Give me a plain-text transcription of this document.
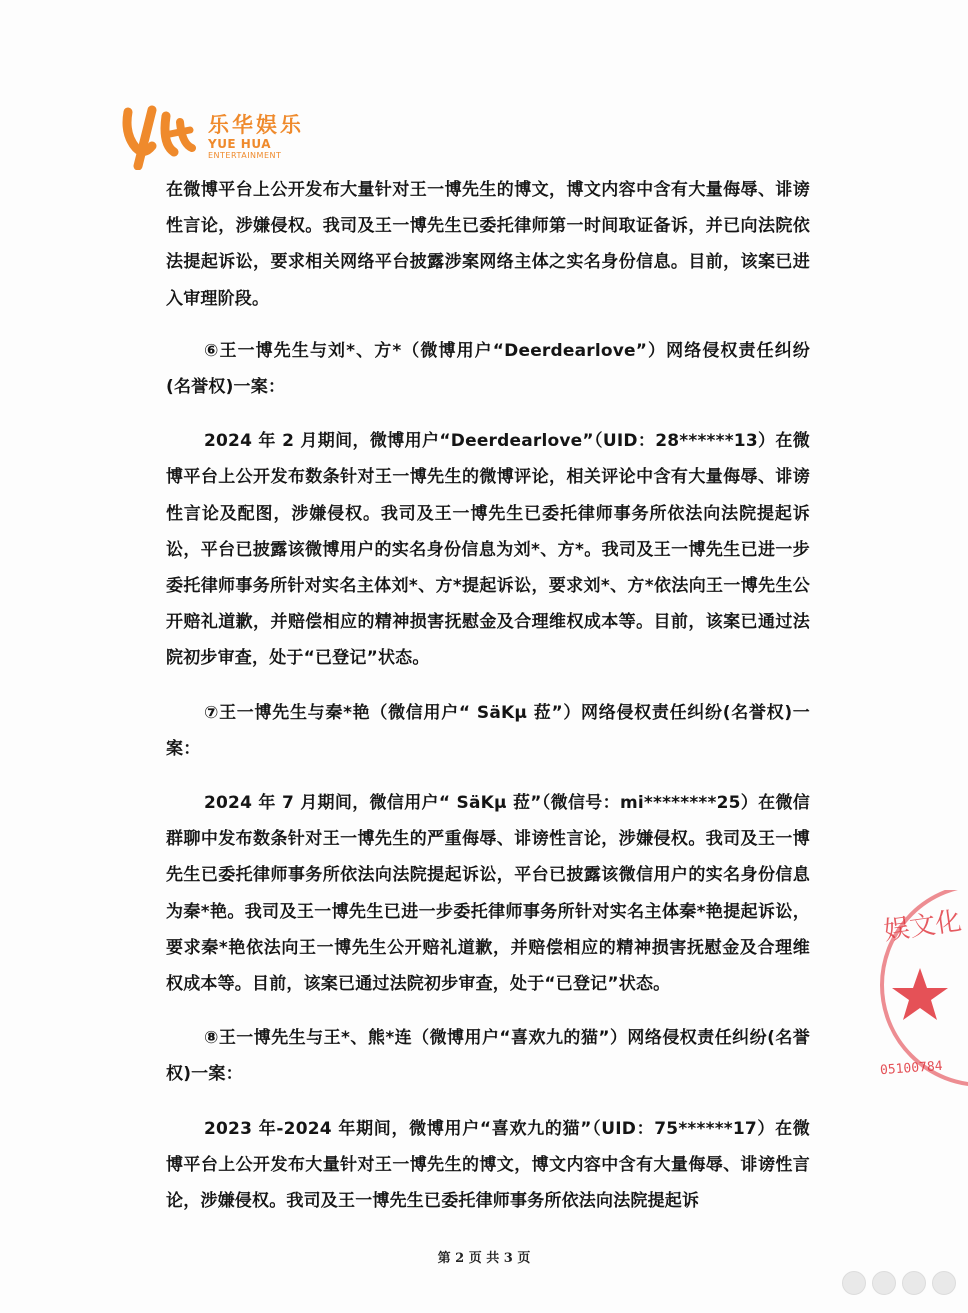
乐华娱乐
YUE HUA
ENTERTAINMENT

在微博平台上公开发布大量针对王一博先生的博文，博文内容中含有大量侮辱、诽谤性言论，涉嫌侵权。我司及王一博先生已委托律师第一时间取证备诉，并已向法院依法提起诉讼，要求相关网络平台披露涉案网络主体之实名身份信息。目前，该案已进入审理阶段。

⑥王一博先生与刘*、方*（微博用户“Deerdearlove”）网络侵权责任纠纷(名誉权)一案：

2024 年 2 月期间，微博用户“Deerdearlove”（UID：28******13）在微博平台上公开发布数条针对王一博先生的微博评论，相关评论中含有大量侮辱、诽谤性言论及配图，涉嫌侵权。我司及王一博先生已委托律师事务所依法向法院提起诉讼，平台已披露该微博用户的实名身份信息为刘*、方*。我司及王一博先生已进一步委托律师事务所针对实名主体刘*、方*提起诉讼，要求刘*、方*依法向王一博先生公开赔礼道歉，并赔偿相应的精神损害抚慰金及合理维权成本等。目前，该案已通过法院初步审查，处于“已登记”状态。

⑦王一博先生与秦*艳（微信用户“ SäKμ 菈”）网络侵权责任纠纷(名誉权)一案：

2024 年 7 月期间，微信用户“ SäKμ 菈”（微信号：mi********25）在微信群聊中发布数条针对王一博先生的严重侮辱、诽谤性言论，涉嫌侵权。我司及王一博先生已委托律师事务所依法向法院提起诉讼，平台已披露该微信用户的实名身份信息为秦*艳。我司及王一博先生已进一步委托律师事务所针对实名主体秦*艳提起诉讼，要求秦*艳依法向王一博先生公开赔礼道歉，并赔偿相应的精神损害抚慰金及合理维权成本等。目前，该案已通过法院初步审查，处于“已登记”状态。

⑧王一博先生与王*、熊*连（微博用户“喜欢九的猫”）网络侵权责任纠纷(名誉权)一案：

2023 年-2024 年期间，微博用户“喜欢九的猫”（UID：75******17）在微博平台上公开发布大量针对王一博先生的博文，博文内容中含有大量侮辱、诽谤性言论，涉嫌侵权。我司及王一博先生已委托律师事务所依法向法院提起诉

娱文化
05100784
第 2 页 共 3 页
